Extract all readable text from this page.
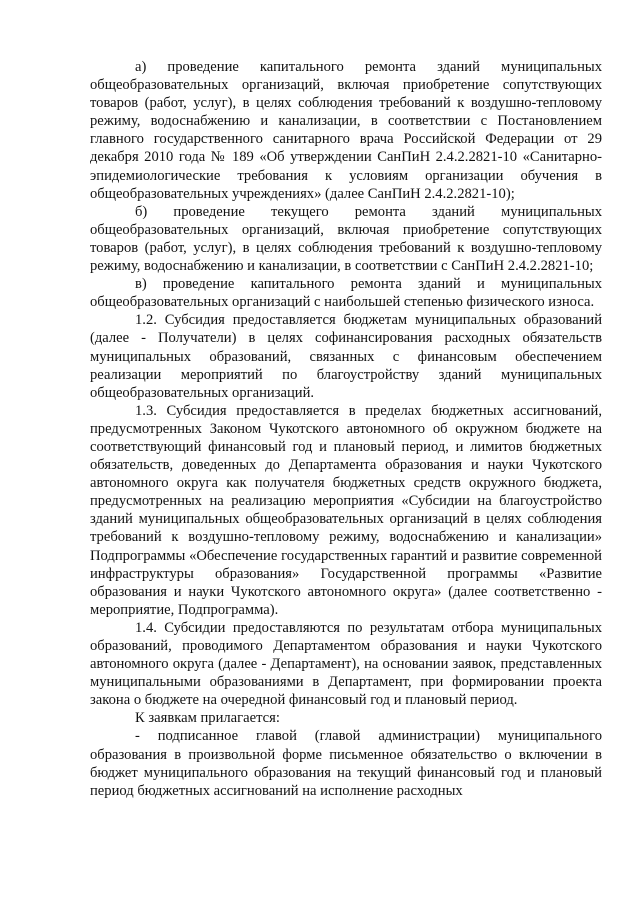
а) проведение капитального ремонта зданий муниципальных общеобразовательных организаций, включая приобретение сопутствующих товаров (работ, услуг), в целях соблюдения требований к воздушно-тепловому режиму, водоснабжению и канализации, в соответствии с Постановлением главного государственного санитарного врача Российской Федерации от 29 декабря 2010 года № 189 «Об утверждении СанПиН 2.4.2.2821-10 «Санитарно-эпидемиологические требования к условиям организации обучения в общеобразовательных учреждениях» (далее СанПиН 2.4.2.2821-10);

б) проведение текущего ремонта зданий муниципальных общеобразовательных организаций, включая приобретение сопутствующих товаров (работ, услуг), в целях соблюдения требований к воздушно-тепловому режиму, водоснабжению и канализации, в соответствии с СанПиН 2.4.2.2821-10;

в) проведение капитального ремонта зданий и муниципальных общеобразовательных организаций с наибольшей степенью физического износа.

1.2. Субсидия предоставляется бюджетам муниципальных образований (далее - Получатели) в целях софинансирования расходных обязательств муниципальных образований, связанных с финансовым обеспечением реализации мероприятий по благоустройству зданий муниципальных общеобразовательных организаций.

1.3. Субсидия предоставляется в пределах бюджетных ассигнований, предусмотренных Законом Чукотского автономного об окружном бюджете на соответствующий финансовый год и плановый период, и лимитов бюджетных обязательств, доведенных до Департамента образования и науки Чукотского автономного округа как получателя бюджетных средств окружного бюджета, предусмотренных на реализацию мероприятия «Субсидии на благоустройство зданий муниципальных общеобразовательных организаций в целях соблюдения требований к воздушно-тепловому режиму, водоснабжению и канализации» Подпрограммы «Обеспечение государственных гарантий и развитие современной инфраструктуры образования» Государственной программы «Развитие образования и науки Чукотского автономного округа» (далее соответственно - мероприятие, Подпрограмма).

1.4. Субсидии предоставляются по результатам отбора муниципальных образований, проводимого Департаментом образования и науки Чукотского автономного округа (далее - Департамент), на основании заявок, представленных муниципальными образованиями в Департамент, при формировании проекта закона о бюджете на очередной финансовый год и плановый период.

К заявкам прилагается:

- подписанное главой (главой администрации) муниципального образования в произвольной форме письменное обязательство о включении в бюджет муниципального образования на текущий финансовый год и плановый период бюджетных ассигнований на исполнение расходных
